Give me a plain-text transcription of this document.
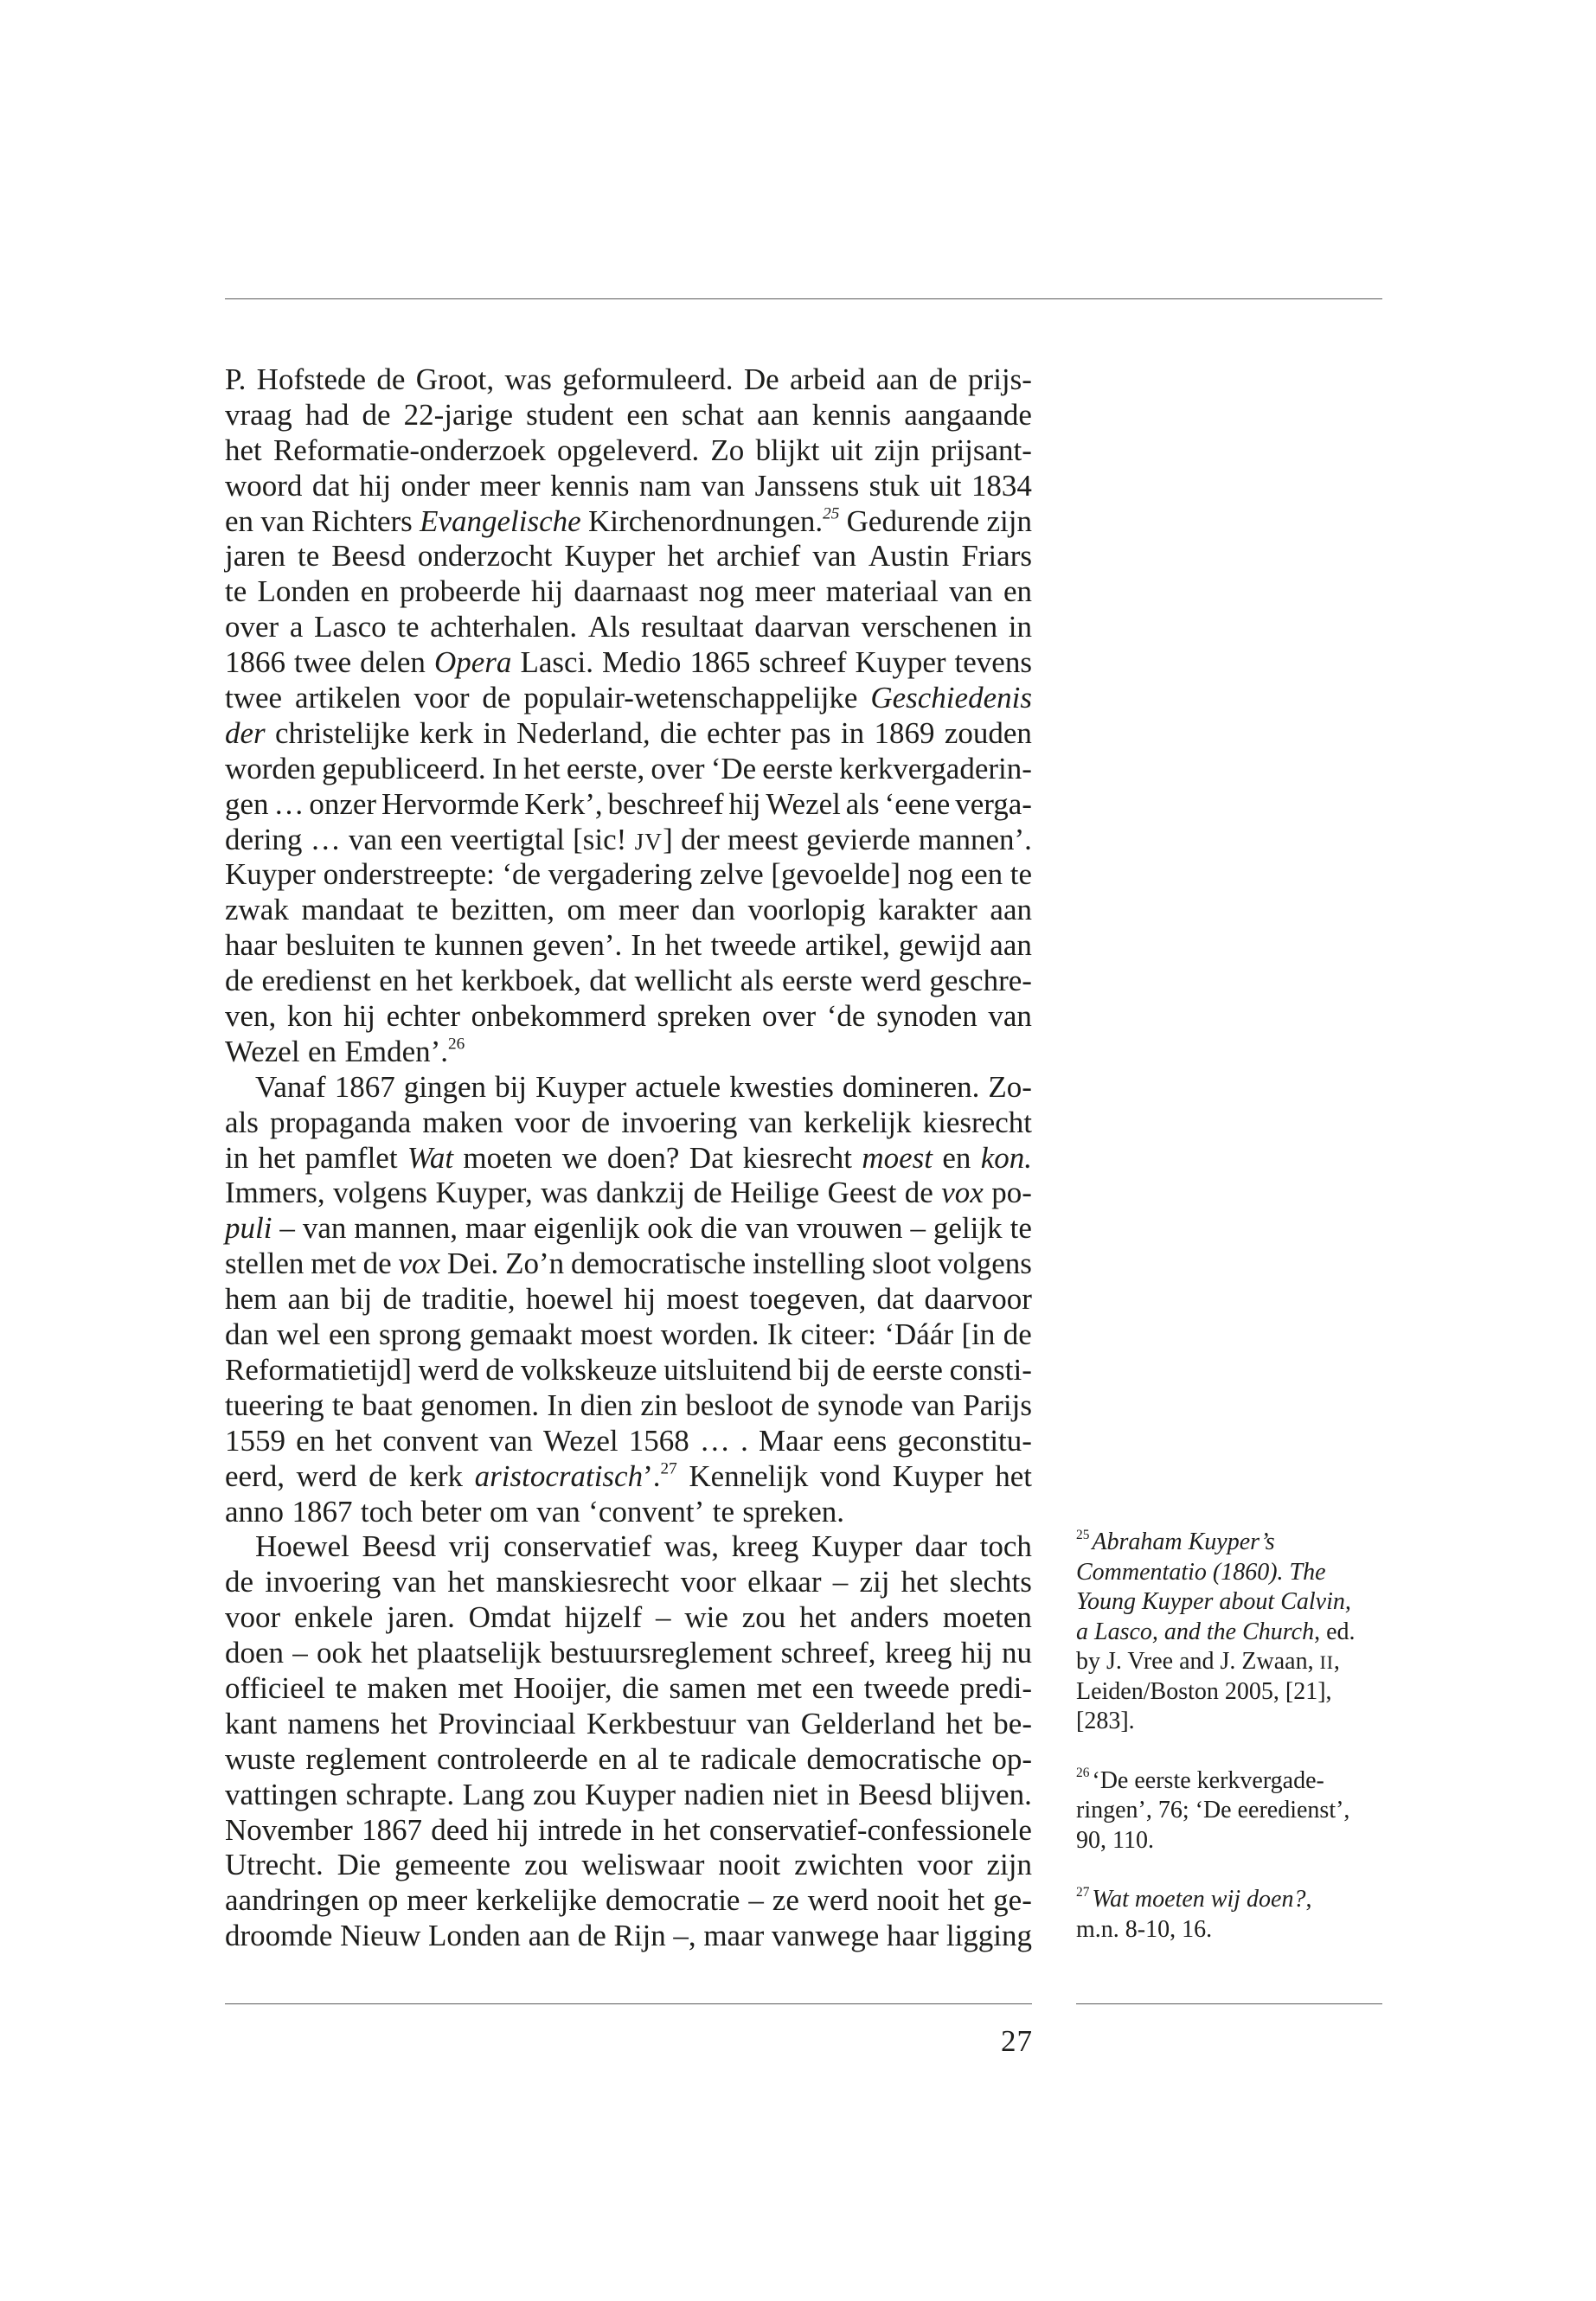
P. Hofstede de Groot, was geformuleerd. De arbeid aan de prijs-
vraag had de 22-jarige student een schat aan kennis aangaande
het Reformatie-onderzoek opgeleverd. Zo blijkt uit zijn prijsant-
woord dat hij onder meer kennis nam van Janssens stuk uit 1834
en van Richters Evangelische Kirchenordnungen.$^{25}$ Gedurende zijn
jaren te Beesd onderzocht Kuyper het archief van Austin Friars
te Londen en probeerde hij daarnaast nog meer materiaal van en
over a Lasco te achterhalen. Als resultaat daarvan verschenen in
1866 twee delen Opera Lasci. Medio 1865 schreef Kuyper tevens
twee artikelen voor de populair-wetenschappelijke Geschiedenis
der christelijke kerk in Nederland, die echter pas in 1869 zouden
worden gepubliceerd. In het eerste, over ‘De eerste kerkvergaderin-
gen … onzer Hervormde Kerk’, beschreef hij Wezel als ‘eene verga-
dering … van een veertigtal [sic! JV] der meest gevierde mannen’.
Kuyper onderstreepte: ‘de vergadering zelve [gevoelde] nog een te
zwak mandaat te bezitten, om meer dan voorlopig karakter aan
haar besluiten te kunnen geven’. In het tweede artikel, gewijd aan
de eredienst en het kerkboek, dat wellicht als eerste werd geschre-
ven, kon hij echter onbekommerd spreken over ‘de synoden van
Wezel en Emden’.$^{26}$
Vanaf 1867 gingen bij Kuyper actuele kwesties domineren. Zo-
als propaganda maken voor de invoering van kerkelijk kiesrecht
in het pamflet Wat moeten we doen? Dat kiesrecht moest en kon.
Immers, volgens Kuyper, was dankzij de Heilige Geest de vox po-
puli – van mannen, maar eigenlijk ook die van vrouwen – gelijk te
stellen met de vox Dei. Zo’n democratische instelling sloot volgens
hem aan bij de traditie, hoewel hij moest toegeven, dat daarvoor
dan wel een sprong gemaakt moest worden. Ik citeer: ‘Dáár [in de
Reformatietijd] werd de volkskeuze uitsluitend bij de eerste consti-
tueering te baat genomen. In dien zin besloot de synode van Parijs
1559 en het convent van Wezel 1568 … . Maar eens geconstitu-
eerd, werd de kerk aristocratisch’.$^{27}$ Kennelijk vond Kuyper het
anno 1867 toch beter om van ‘convent’ te spreken.
Hoewel Beesd vrij conservatief was, kreeg Kuyper daar toch
de invoering van het manskiesrecht voor elkaar – zij het slechts
voor enkele jaren. Omdat hijzelf – wie zou het anders moeten
doen – ook het plaatselijk bestuursreglement schreef, kreeg hij nu
officieel te maken met Hooijer, die samen met een tweede predi-
kant namens het Provinciaal Kerkbestuur van Gelderland het be-
wuste reglement controleerde en al te radicale democratische op-
vattingen schrapte. Lang zou Kuyper nadien niet in Beesd blijven.
November 1867 deed hij intrede in het conservatief-confessionele
Utrecht. Die gemeente zou weliswaar nooit zwichten voor zijn
aandringen op meer kerkelijke democratie – ze werd nooit het ge-
droomde Nieuw Londen aan de Rijn –, maar vanwege haar ligging
$^{25}$ Abraham Kuyper’s
Commentatio (1860). The
Young Kuyper about Calvin,
a Lasco, and the Church, ed.
by J. Vree and J. Zwaan, II,
Leiden/Boston 2005, [21],
[283].
$^{26}$ ‘De eerste kerkvergade-
ringen’, 76; ‘De eeredienst’,
90, 110.
$^{27}$ Wat moeten wij doen?,
m.n. 8-10, 16.
27
